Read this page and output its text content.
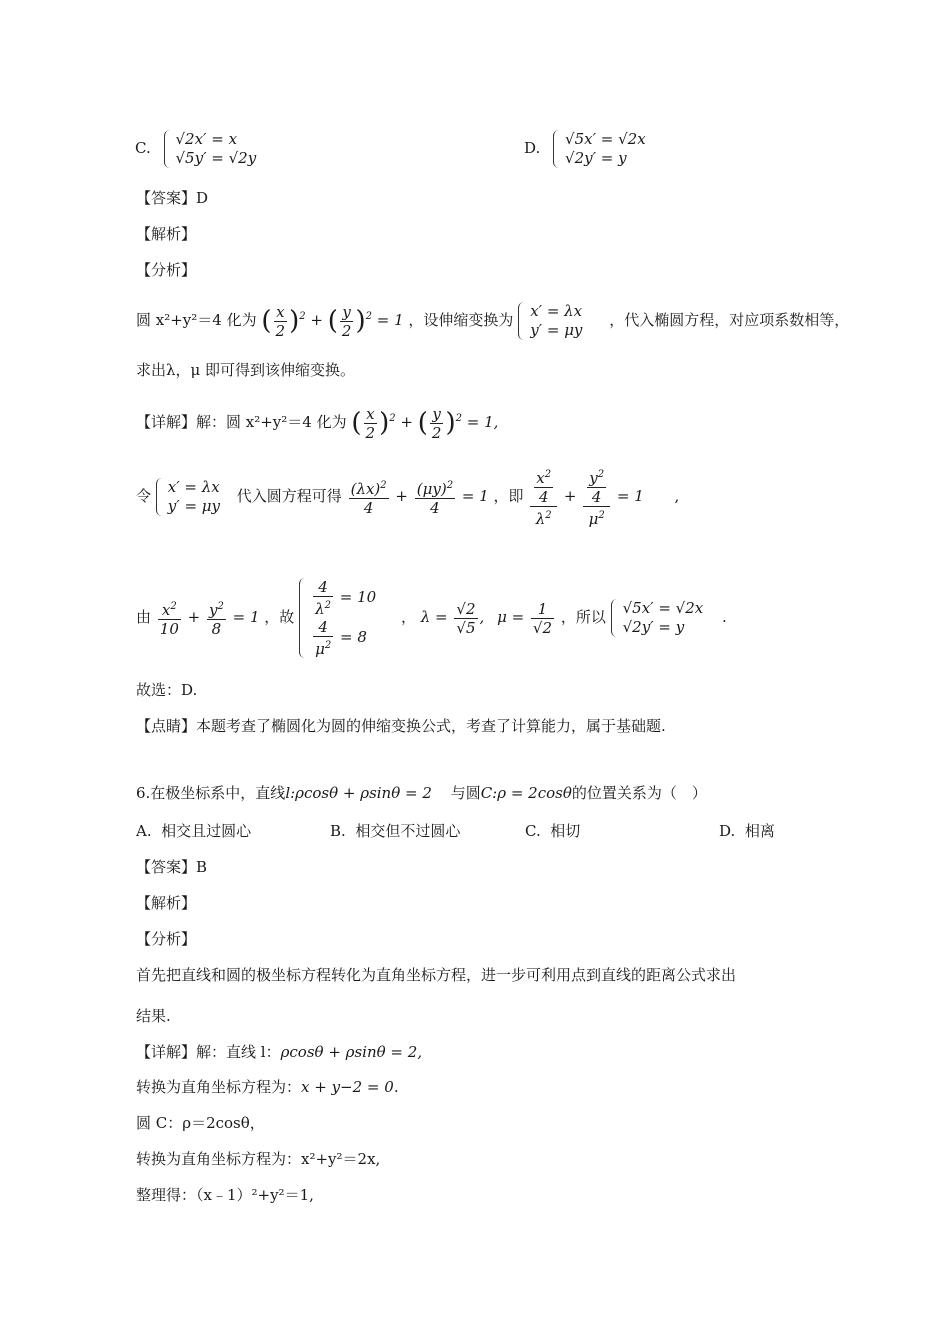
C. √2x′ = x
√5y′ = √2y
D. √5x′ = √2x
√2y′ = y
【答案】D
【解析】
【分析】
圆 x²+y²＝4 化为 ( $\frac{x}{2} )^2$ + ( $\frac{y}{2} )^2 = 1$ ，设伸缩变换为 x′ = λx
y′ = μy
，代入椭圆方程，对应项系数相等，
求出λ，μ 即可得到该伸缩变换。
【详解】解：圆 x²+y²＝4 化为 ( $\frac{x}{2} )^2$ + ( $\frac{y}{2} )^2 = 1$,
令 x′ = λx
y′ = μy
代入圆方程可得 $\frac{(\lambda x)^2}{4} + \frac{(\mu y)^2}{4} = 1$ ，即 $\frac{\frac{x^2}{4}}{\lambda^2} + \frac{\frac{y^2}{4}}{\mu^2} = 1$ ,
由 $\frac{x^2}{10} + \frac{y^2}{8} = 1$ ，故 $\frac{4}{\lambda^2} = 10$
$\frac{4}{\mu^2} = 8$
， $\lambda = \frac{√2}{√5}$ , $\mu = \frac{1}{√2}$ ，所以 √5x′ = √2x
√2y′ = y
.
故选：D.
【点睛】本题考查了椭圆化为圆的伸缩变换公式，考查了计算能力，属于基础题.
6.在极坐标系中，直线l:ρcosθ + ρsinθ = 2 与圆C:ρ = 2cosθ的位置关系为（　）
A. 相交且过圆心	B. 相交但不过圆心	C. 相切	D. 相离
【答案】B
【解析】
【分析】
首先把直线和圆的极坐标方程转化为直角坐标方程，进一步可利用点到直线的距离公式求出
结果.
【详解】解：直线 l：ρcosθ + ρsinθ = 2,
转换为直角坐标方程为：x + y−2 = 0.
圆 C：ρ＝2cosθ，
转换为直角坐标方程为：x²+y²＝2x,
整理得：（x﹣1）²+y²＝1,
